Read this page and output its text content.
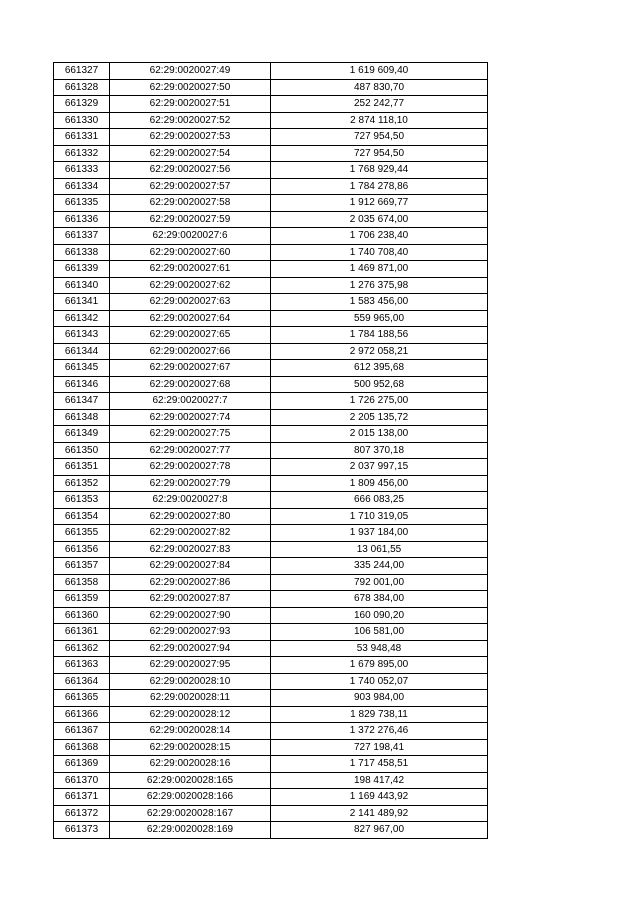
661327	62:29:0020027:49	1 619 609,40
661328	62:29:0020027:50	487 830,70
661329	62:29:0020027:51	252 242,77
661330	62:29:0020027:52	2 874 118,10
661331	62:29:0020027:53	727 954,50
661332	62:29:0020027:54	727 954,50
661333	62:29:0020027:56	1 768 929,44
661334	62:29:0020027:57	1 784 278,86
661335	62:29:0020027:58	1 912 669,77
661336	62:29:0020027:59	2 035 674,00
661337	62:29:0020027:6	1 706 238,40
661338	62:29:0020027:60	1 740 708,40
661339	62:29:0020027:61	1 469 871,00
661340	62:29:0020027:62	1 276 375,98
661341	62:29:0020027:63	1 583 456,00
661342	62:29:0020027:64	559 965,00
661343	62:29:0020027:65	1 784 188,56
661344	62:29:0020027:66	2 972 058,21
661345	62:29:0020027:67	612 395,68
661346	62:29:0020027:68	500 952,68
661347	62:29:0020027:7	1 726 275,00
661348	62:29:0020027:74	2 205 135,72
661349	62:29:0020027:75	2 015 138,00
661350	62:29:0020027:77	807 370,18
661351	62:29:0020027:78	2 037 997,15
661352	62:29:0020027:79	1 809 456,00
661353	62:29:0020027:8	666 083,25
661354	62:29:0020027:80	1 710 319,05
661355	62:29:0020027:82	1 937 184,00
661356	62:29:0020027:83	13 061,55
661357	62:29:0020027:84	335 244,00
661358	62:29:0020027:86	792 001,00
661359	62:29:0020027:87	678 384,00
661360	62:29:0020027:90	160 090,20
661361	62:29:0020027:93	106 581,00
661362	62:29:0020027:94	53 948,48
661363	62:29:0020027:95	1 679 895,00
661364	62:29:0020028:10	1 740 052,07
661365	62:29:0020028:11	903 984,00
661366	62:29:0020028:12	1 829 738,11
661367	62:29:0020028:14	1 372 276,46
661368	62:29:0020028:15	727 198,41
661369	62:29:0020028:16	1 717 458,51
661370	62:29:0020028:165	198 417,42
661371	62:29:0020028:166	1 169 443,92
661372	62:29:0020028:167	2 141 489,92
661373	62:29:0020028:169	827 967,00
